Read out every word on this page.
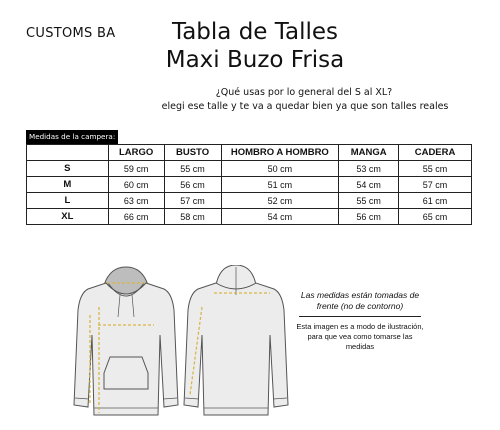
CUSTOMS BA	Tabla de Talles
Maxi Buzo Frisa
¿Qué usas por lo general del S al XL?
elegi ese talle y te va a quedar bien ya que son talles reales
Medidas de la campera:
	LARGO	BUSTO	HOMBRO A HOMBRO	MANGA	CADERA
S	59 cm	55 cm	50 cm	53 cm	55 cm
M	60 cm	56 cm	51 cm	54 cm	57 cm
L	63 cm	57 cm	52 cm	55 cm	61 cm
XL	66 cm	58 cm	54 cm	56 cm	65 cm
Las medidas están tomadas de frente (no de contorno)
Esta imagen es a modo de ilustración, para que vea como tomarse las medidas
